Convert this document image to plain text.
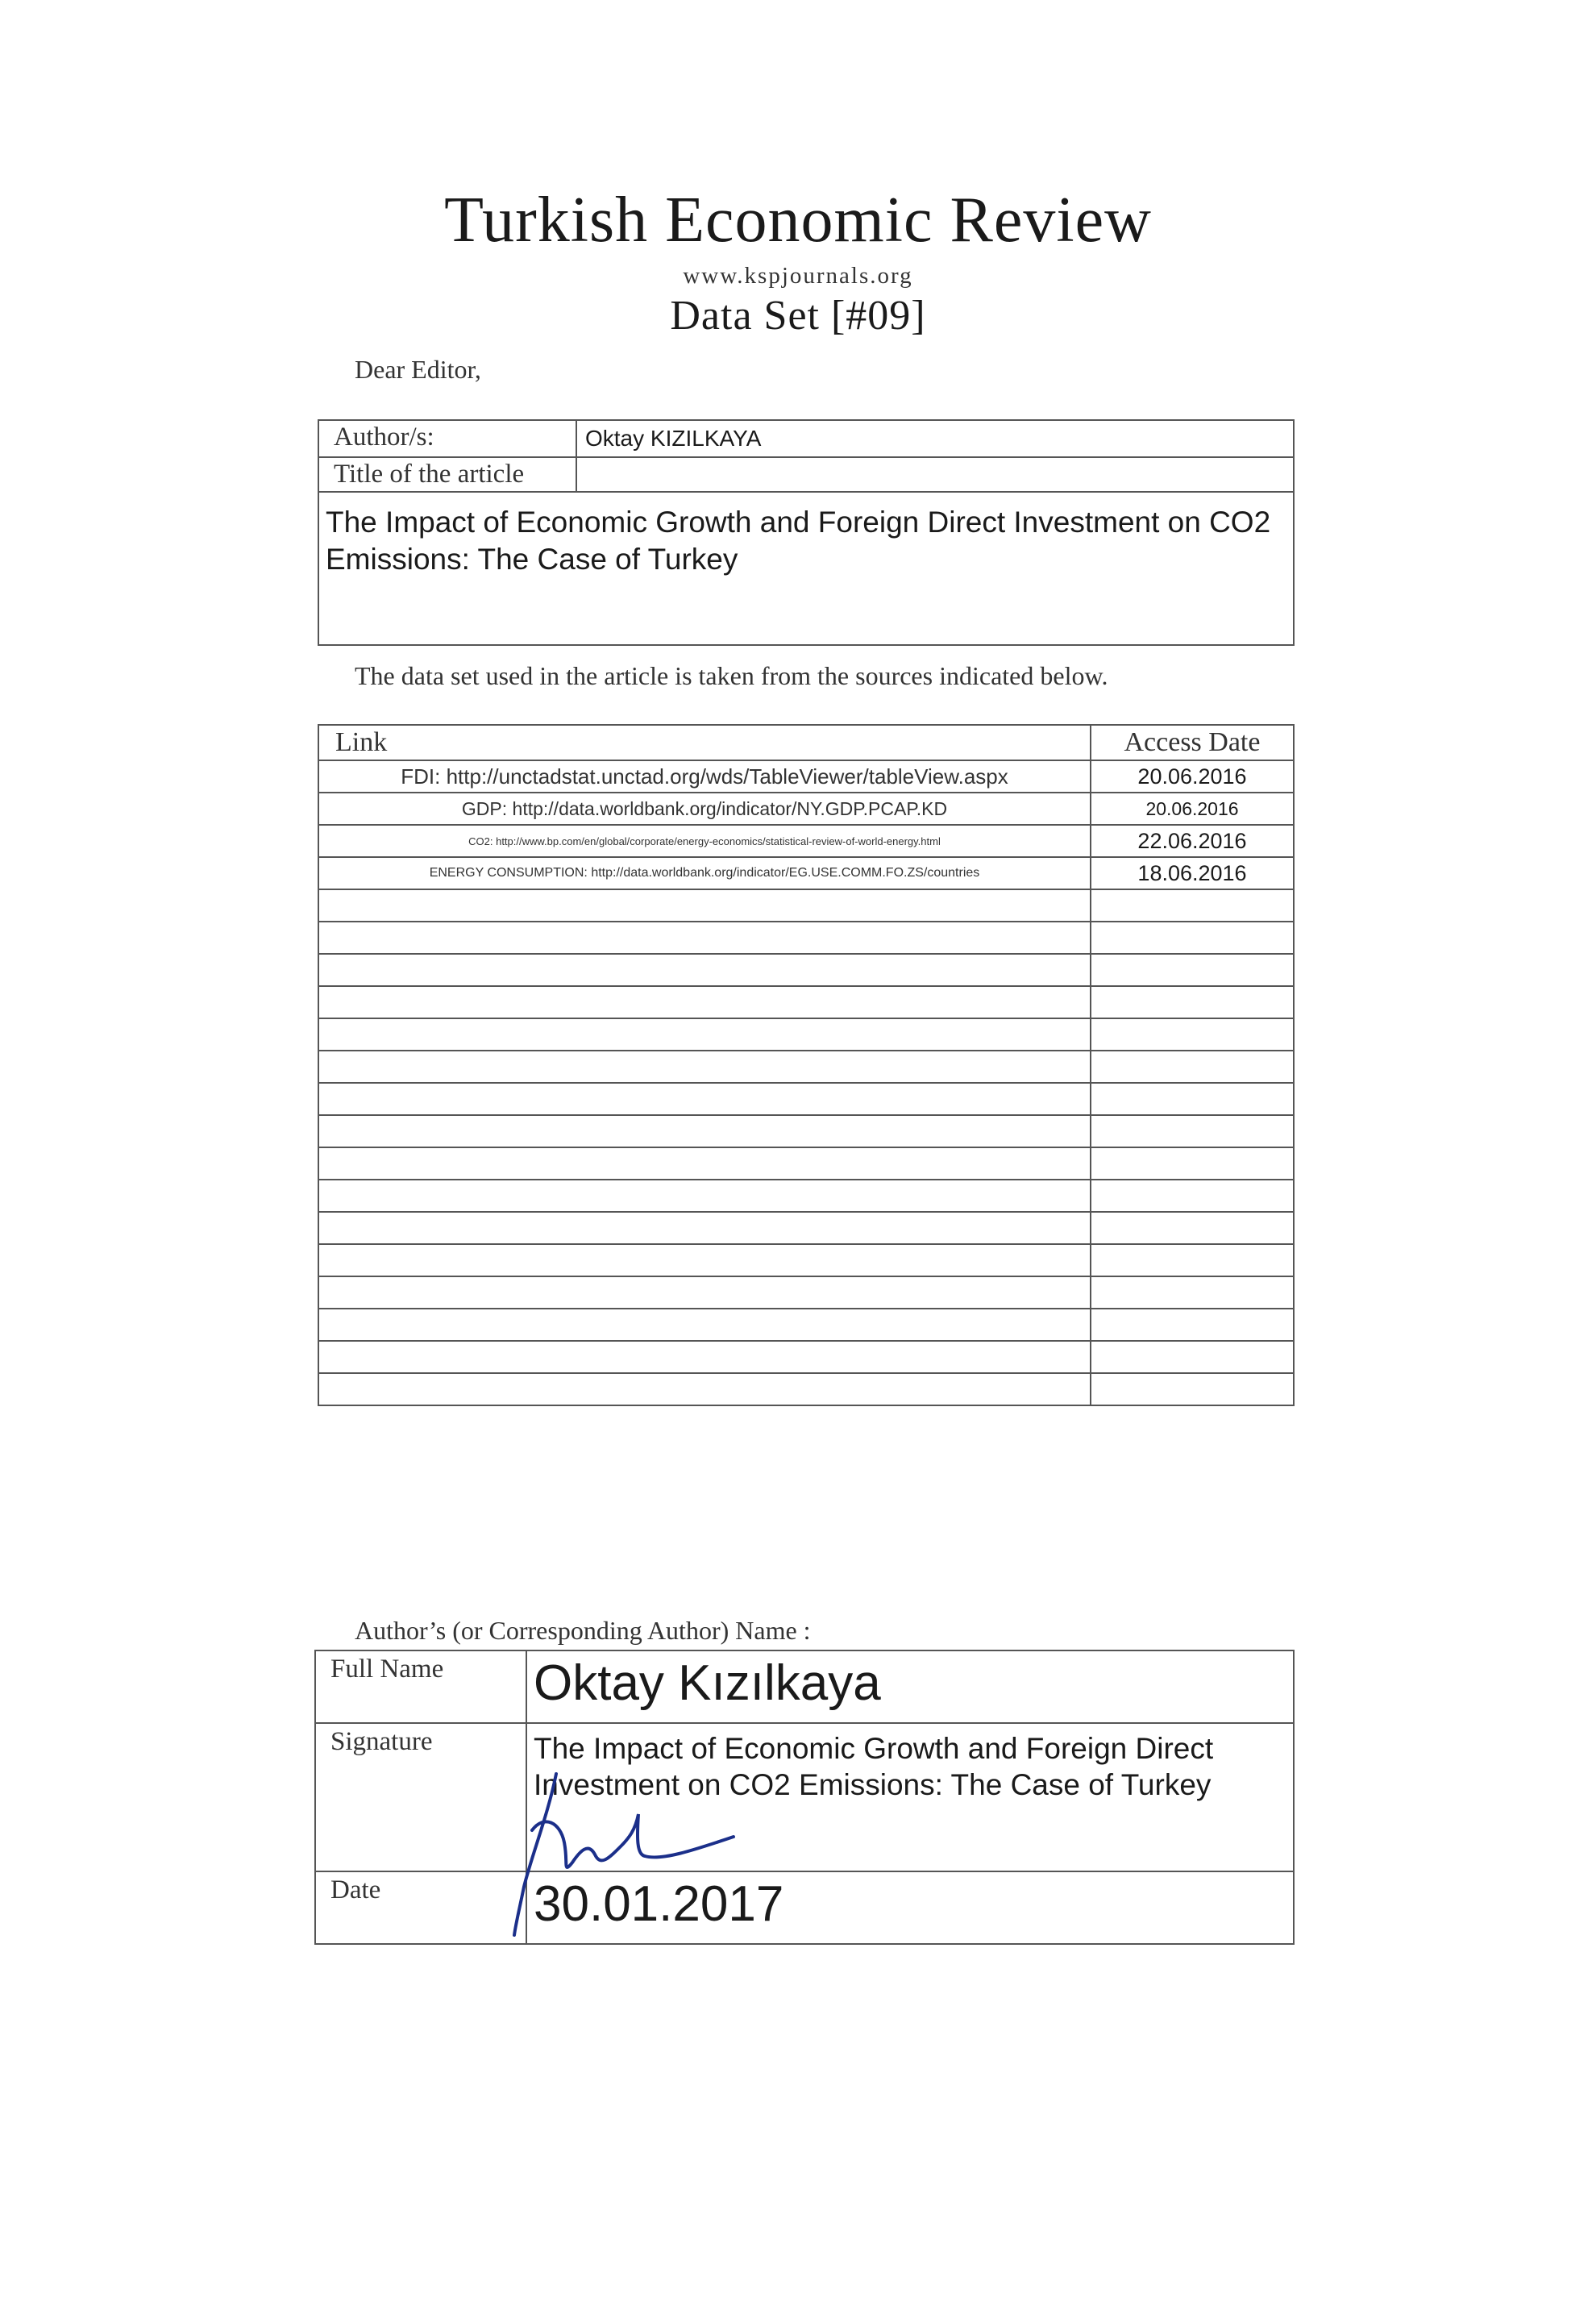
Turkish Economic Review
www.kspjournals.org
Data Set [#09]
Dear Editor,
Author/s:	Oktay KIZILKAYA
Title of the article	
The Impact of Economic Growth and Foreign Direct Investment on CO2 Emissions: The Case of Turkey	
The data set used in the article is taken from the sources indicated below.
Link	Access Date
FDI: http://unctadstat.unctad.org/wds/TableViewer/tableView.aspx	20.06.2016
GDP: http://data.worldbank.org/indicator/NY.GDP.PCAP.KD	20.06.2016
CO2: http://www.bp.com/en/global/corporate/energy-economics/statistical-review-of-world-energy.html	22.06.2016
ENERGY CONSUMPTION: http://data.worldbank.org/indicator/EG.USE.COMM.FO.ZS/countries	18.06.2016

Author’s (or Corresponding Author) Name :
Full Name	Oktay Kızılkaya
Signature	The Impact of Economic Growth and Foreign Direct Investment on CO2 Emissions: The Case of Turkey
Date	30.01.2017
